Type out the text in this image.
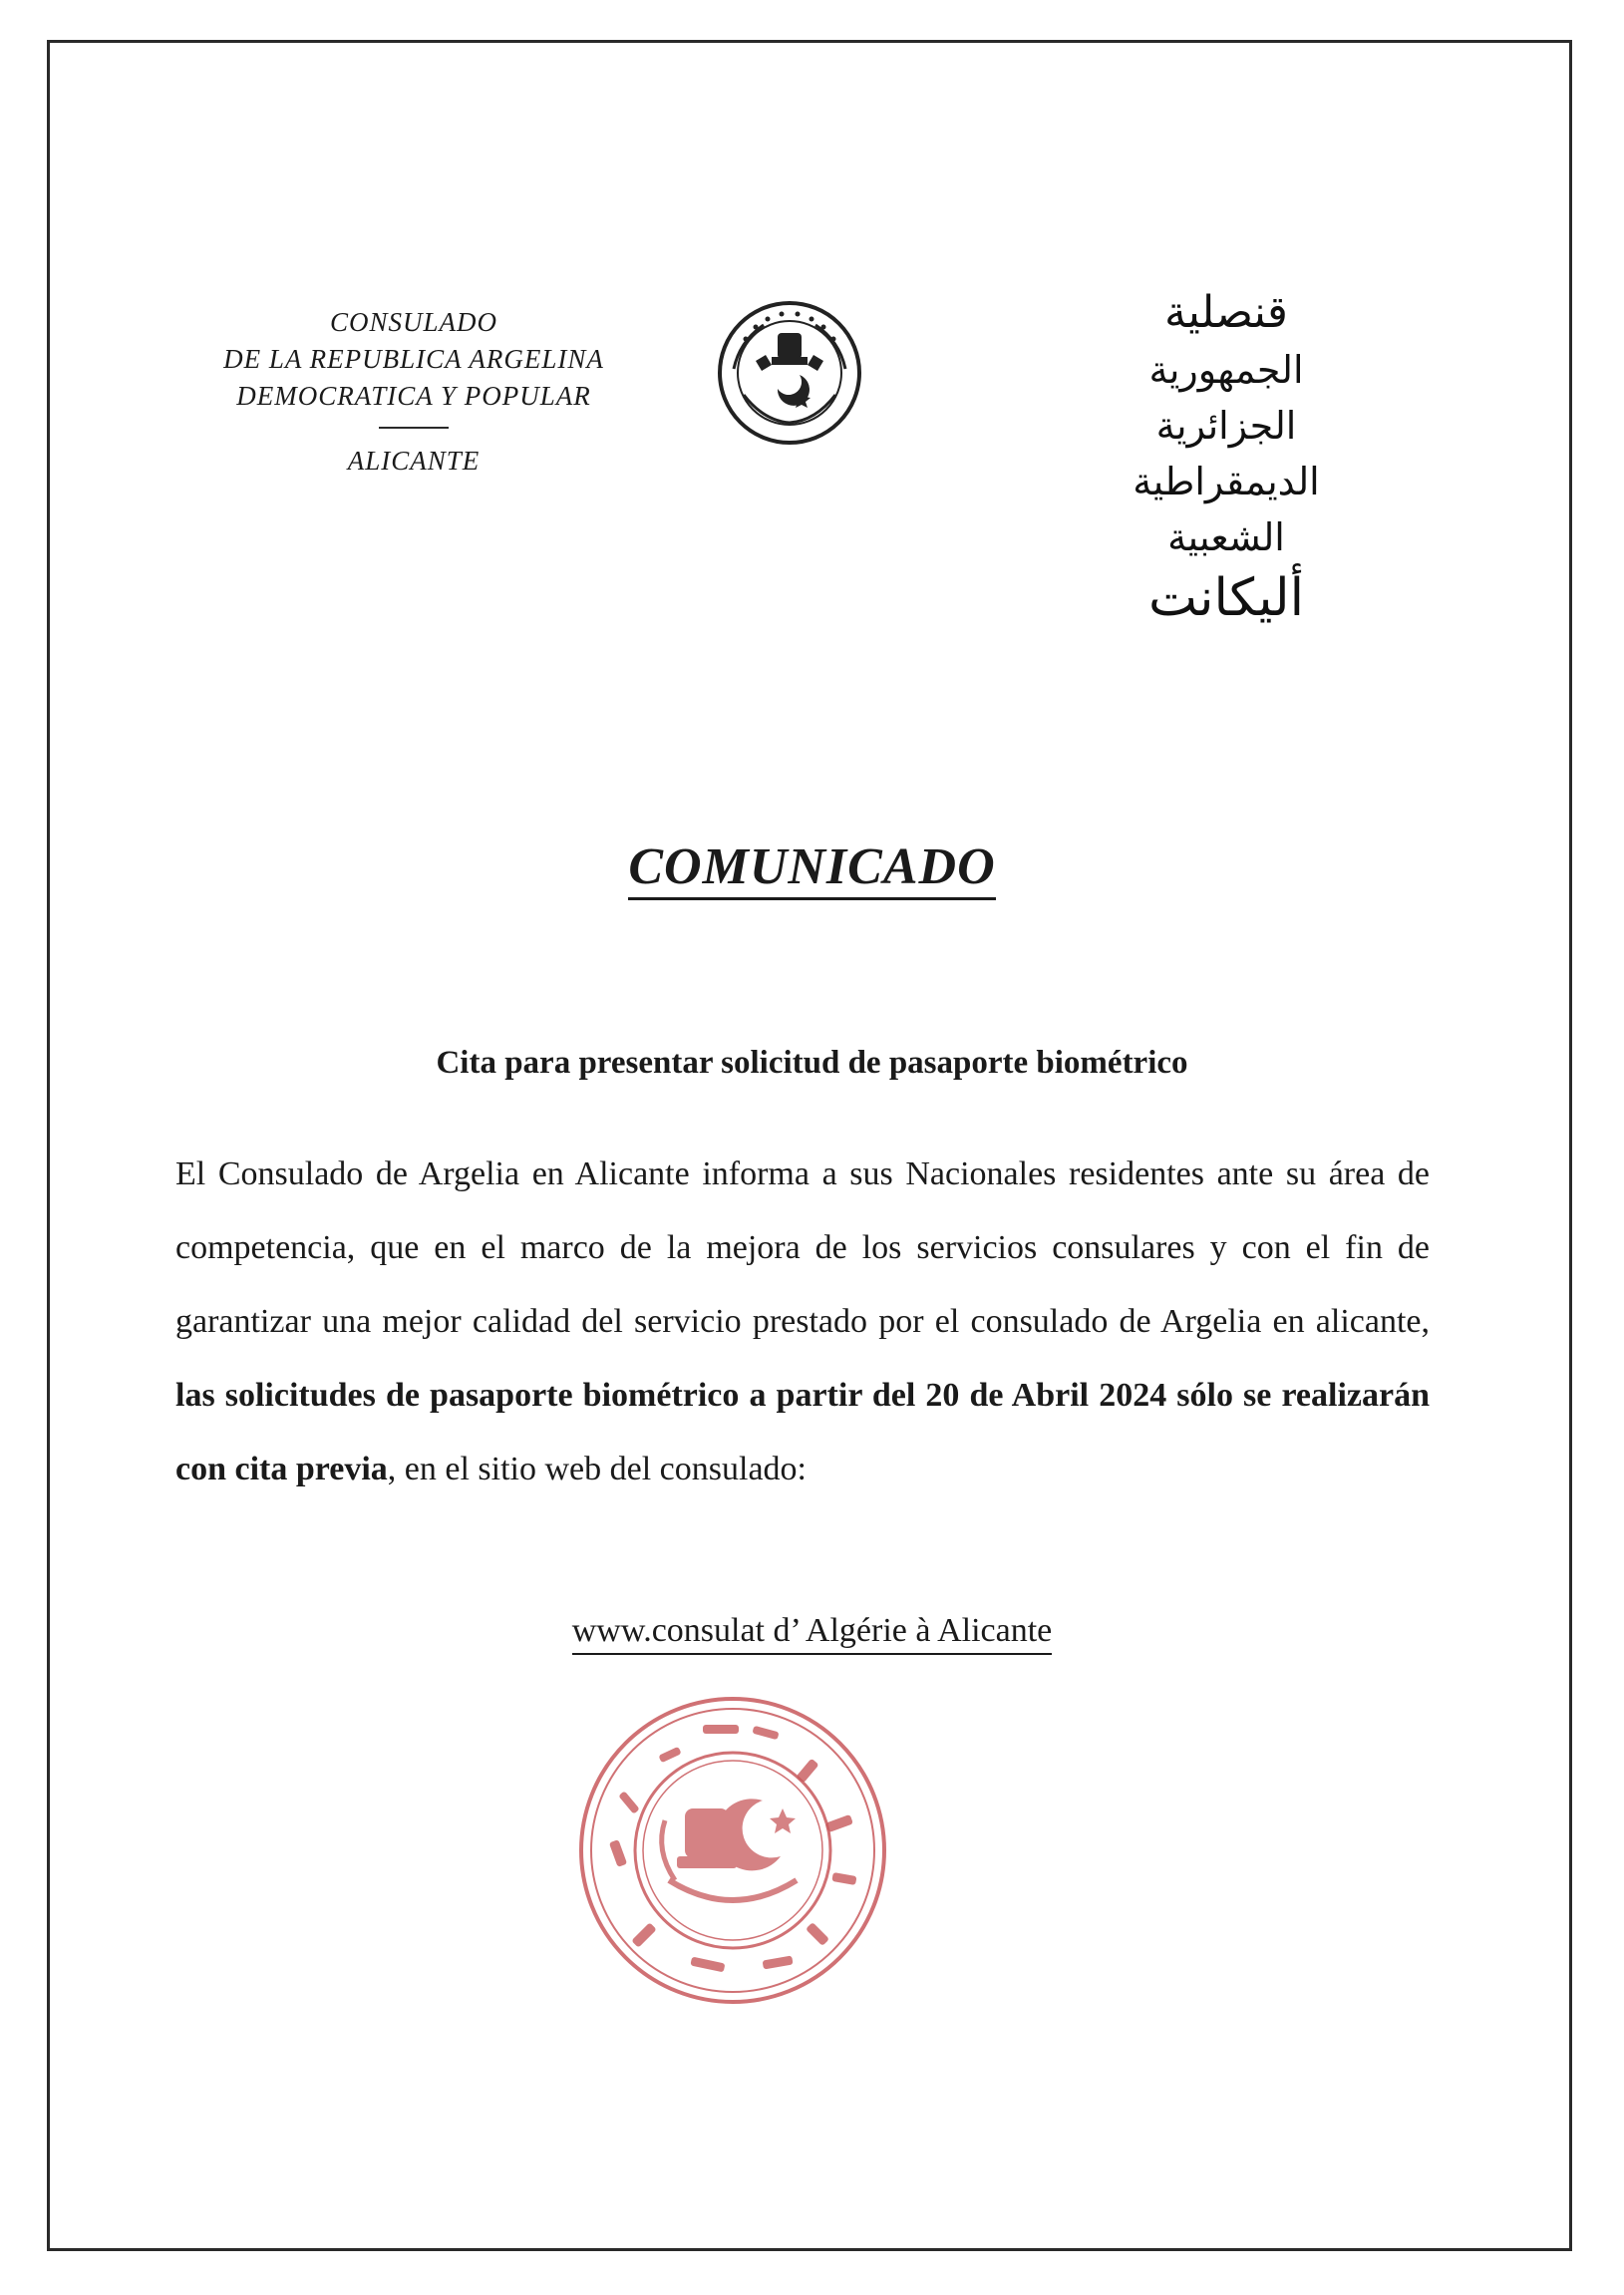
CONSULADO
DE LA REPUBLICA ARGELINA
DEMOCRATICA Y POPULAR
ALICANTE
قنصلية
الجمهورية الجزائرية
الديمقراطية الشعبية
أليكانت
COMUNICADO
Cita para presentar solicitud de pasaporte biométrico
El Consulado de Argelia en Alicante informa a sus Nacionales residentes ante su área de competencia, que en el marco de la mejora de los servicios consulares y con el fin de garantizar una mejor calidad del servicio prestado por el consulado de Argelia en alicante, las solicitudes de pasaporte biométrico a partir del 20 de Abril 2024 sólo se realizarán con cita previa, en el sitio web del consulado:
www.consulat d’ Algérie à Alicante
